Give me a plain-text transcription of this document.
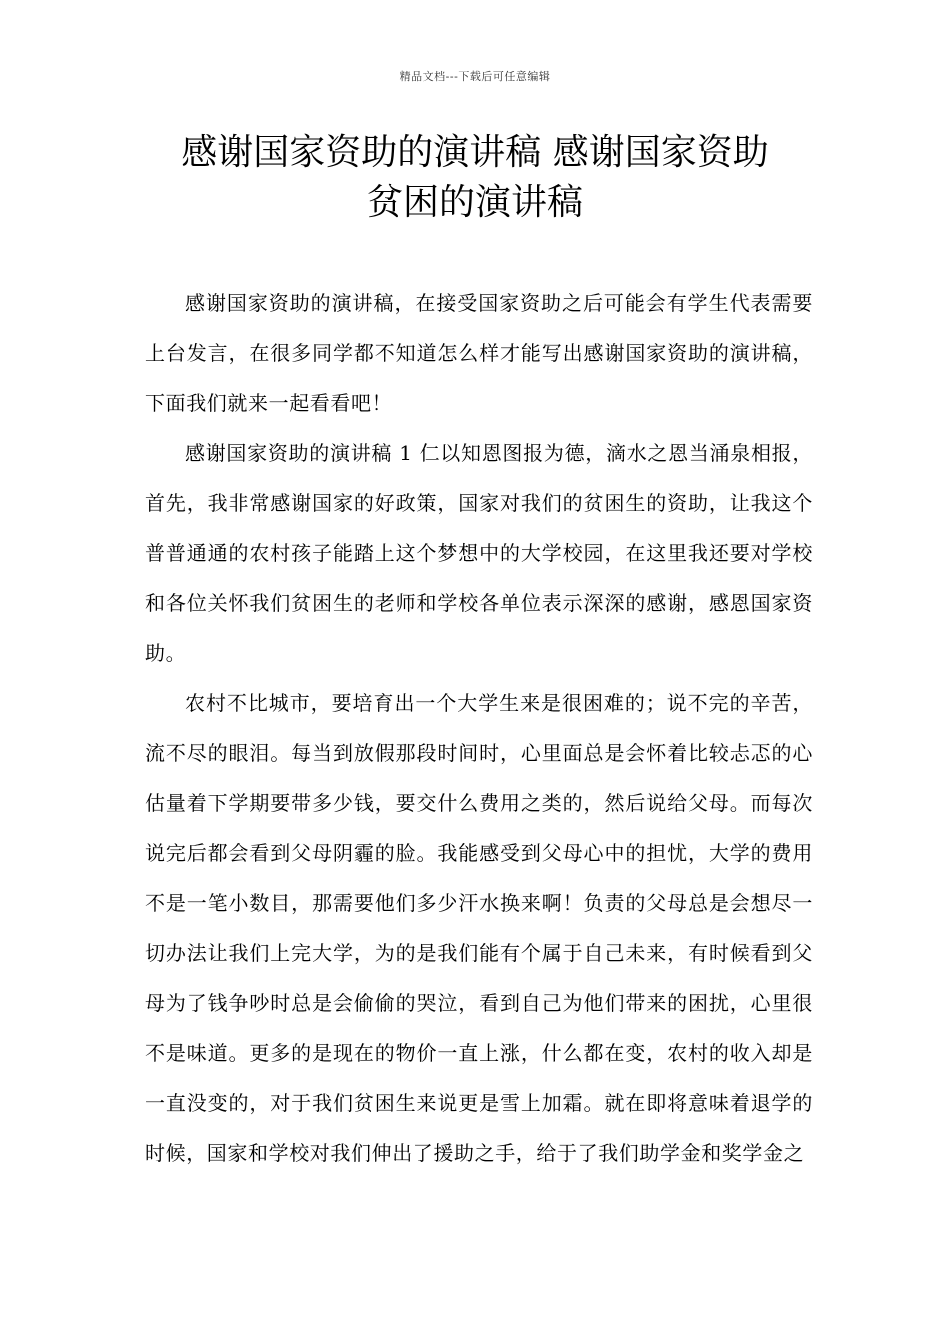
精品文档---下载后可任意编辑
感谢国家资助的演讲稿 感谢国家资助
贫困的演讲稿

感谢国家资助的演讲稿，在接受国家资助之后可能会有学生代表需要上台发言，在很多同学都不知道怎么样才能写出感谢国家资助的演讲稿，下面我们就来一起看看吧！

感谢国家资助的演讲稿 1 仁以知恩图报为德，滴水之恩当涌泉相报，首先，我非常感谢国家的好政策，国家对我们的贫困生的资助，让我这个普普通通的农村孩子能踏上这个梦想中的大学校园，在这里我还要对学校和各位关怀我们贫困生的老师和学校各单位表示深深的感谢，感恩国家资助。

农村不比城市，要培育出一个大学生来是很困难的；说不完的辛苦，流不尽的眼泪。每当到放假那段时间时，心里面总是会怀着比较忐忑的心估量着下学期要带多少钱，要交什么费用之类的，然后说给父母。而每次说完后都会看到父母阴霾的脸。我能感受到父母心中的担忧，大学的费用不是一笔小数目，那需要他们多少汗水换来啊！负责的父母总是会想尽一切办法让我们上完大学，为的是我们能有个属于自己未来，有时候看到父母为了钱争吵时总是会偷偷的哭泣，看到自己为他们带来的困扰，心里很不是味道。更多的是现在的物价一直上涨，什么都在变，农村的收入却是一直没变的，对于我们贫困生来说更是雪上加霜。就在即将意味着退学的时候，国家和学校对我们伸出了援助之手，给于了我们助学金和奖学金之
